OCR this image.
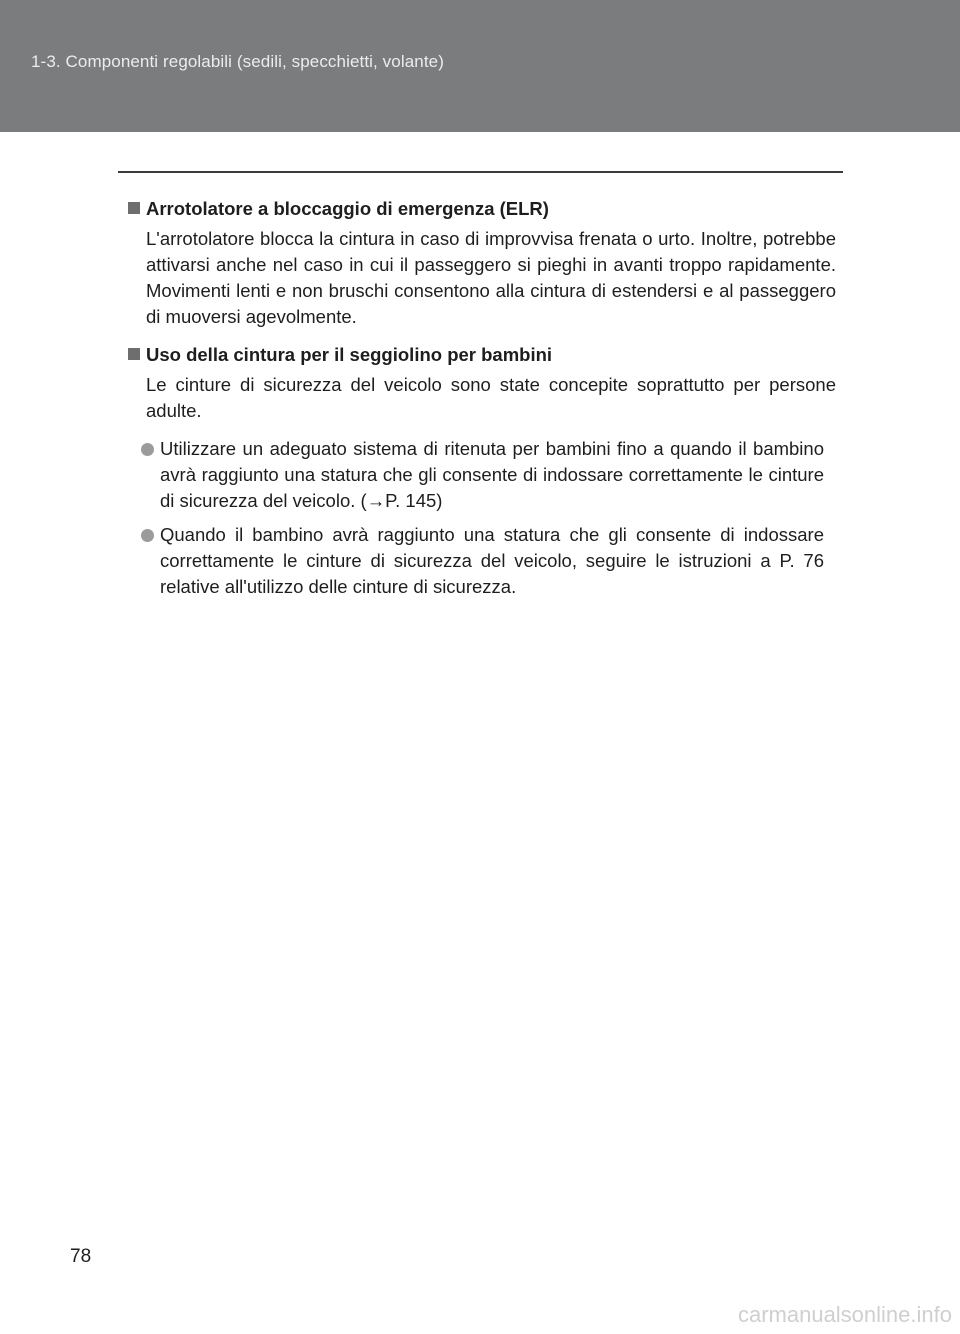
1-3. Componenti regolabili (sedili, specchietti, volante)
Arrotolatore a bloccaggio di emergenza (ELR)

L'arrotolatore blocca la cintura in caso di improvvisa frenata o urto. Inoltre, potrebbe attivarsi anche nel caso in cui il passeggero si pieghi in avanti troppo rapidamente. Movimenti lenti e non bruschi consentono alla cintura di estendersi e al passeggero di muoversi agevolmente.

Uso della cintura per il seggiolino per bambini

Le cinture di sicurezza del veicolo sono state concepite soprattutto per persone adulte.

Utilizzare un adeguato sistema di ritenuta per bambini fino a quando il bambino avrà raggiunto una statura che gli consente di indossare correttamente le cinture di sicurezza del veicolo. (→P. 145)
Quando il bambino avrà raggiunto una statura che gli consente di indossare correttamente le cinture di sicurezza del veicolo, seguire le istruzioni a P. 76 relative all'utilizzo delle cinture di sicurezza.
78
carmanualsonline.info
